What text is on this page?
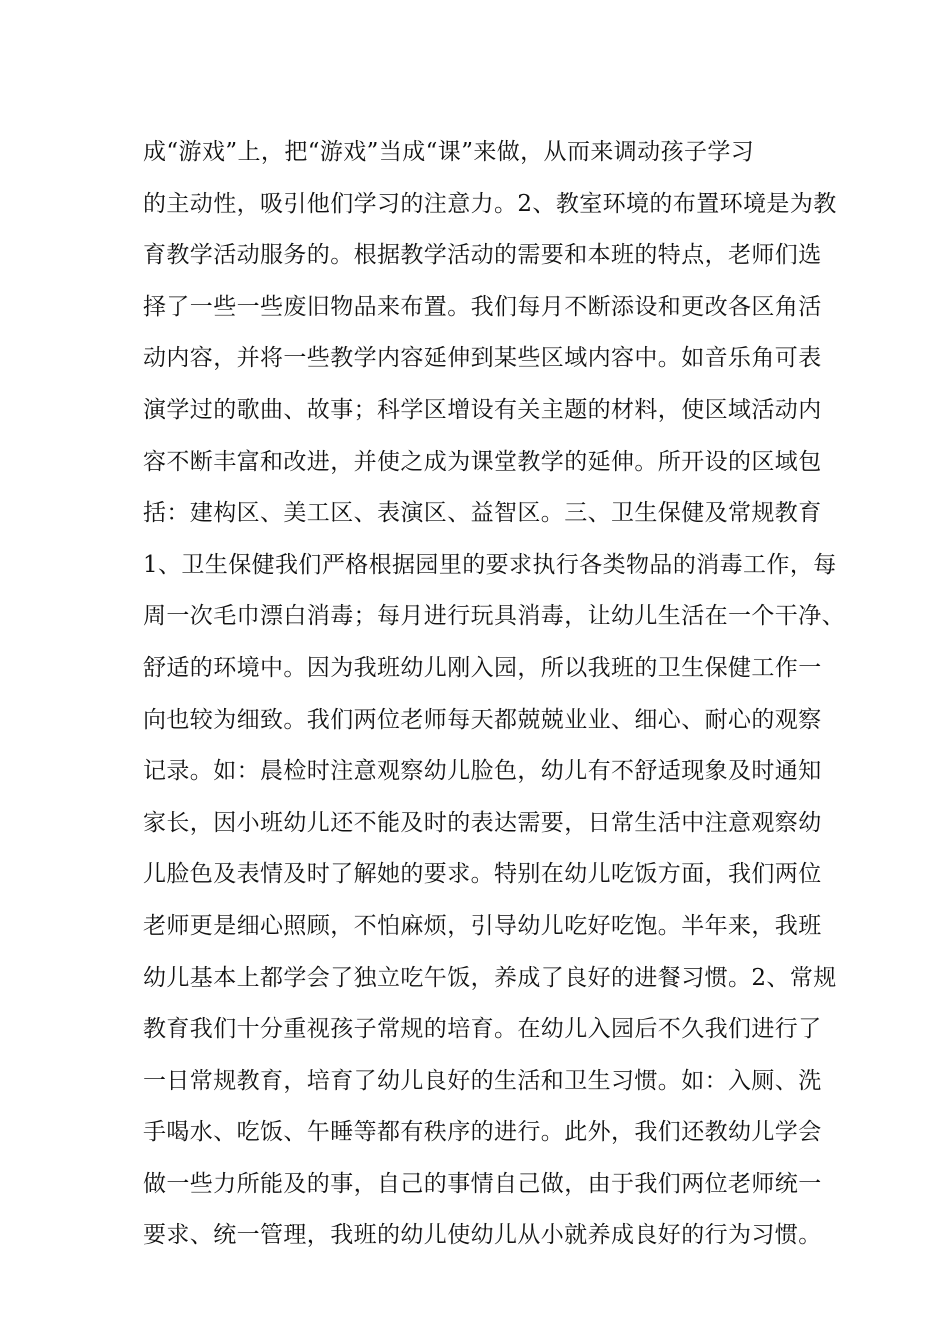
成“游戏”上，把“游戏”当成“课”来做，从而来调动孩子学习
的主动性，吸引他们学习的注意力。2、教室环境的布置环境是为教
育教学活动服务的。根据教学活动的需要和本班的特点，老师们选
择了一些一些废旧物品来布置。我们每月不断添设和更改各区角活
动内容，并将一些教学内容延伸到某些区域内容中。如音乐角可表
演学过的歌曲、故事；科学区增设有关主题的材料，使区域活动内
容不断丰富和改进，并使之成为课堂教学的延伸。所开设的区域包
括：建构区、美工区、表演区、益智区。三、卫生保健及常规教育
1、卫生保健我们严格根据园里的要求执行各类物品的消毒工作，每
周一次毛巾漂白消毒；每月进行玩具消毒，让幼儿生活在一个干净、
舒适的环境中。因为我班幼儿刚入园，所以我班的卫生保健工作一
向也较为细致。我们两位老师每天都兢兢业业、细心、耐心的观察
记录。如：晨检时注意观察幼儿脸色，幼儿有不舒适现象及时通知
家长，因小班幼儿还不能及时的表达需要，日常生活中注意观察幼
儿脸色及表情及时了解她的要求。特别在幼儿吃饭方面，我们两位
老师更是细心照顾，不怕麻烦，引导幼儿吃好吃饱。半年来，我班
幼儿基本上都学会了独立吃午饭，养成了良好的进餐习惯。2、常规
教育我们十分重视孩子常规的培育。在幼儿入园后不久我们进行了
一日常规教育，培育了幼儿良好的生活和卫生习惯。如：入厕、洗
手喝水、吃饭、午睡等都有秩序的进行。此外，我们还教幼儿学会
做一些力所能及的事，自己的事情自己做，由于我们两位老师统一
要求、统一管理，我班的幼儿使幼儿从小就养成良好的行为习惯。
